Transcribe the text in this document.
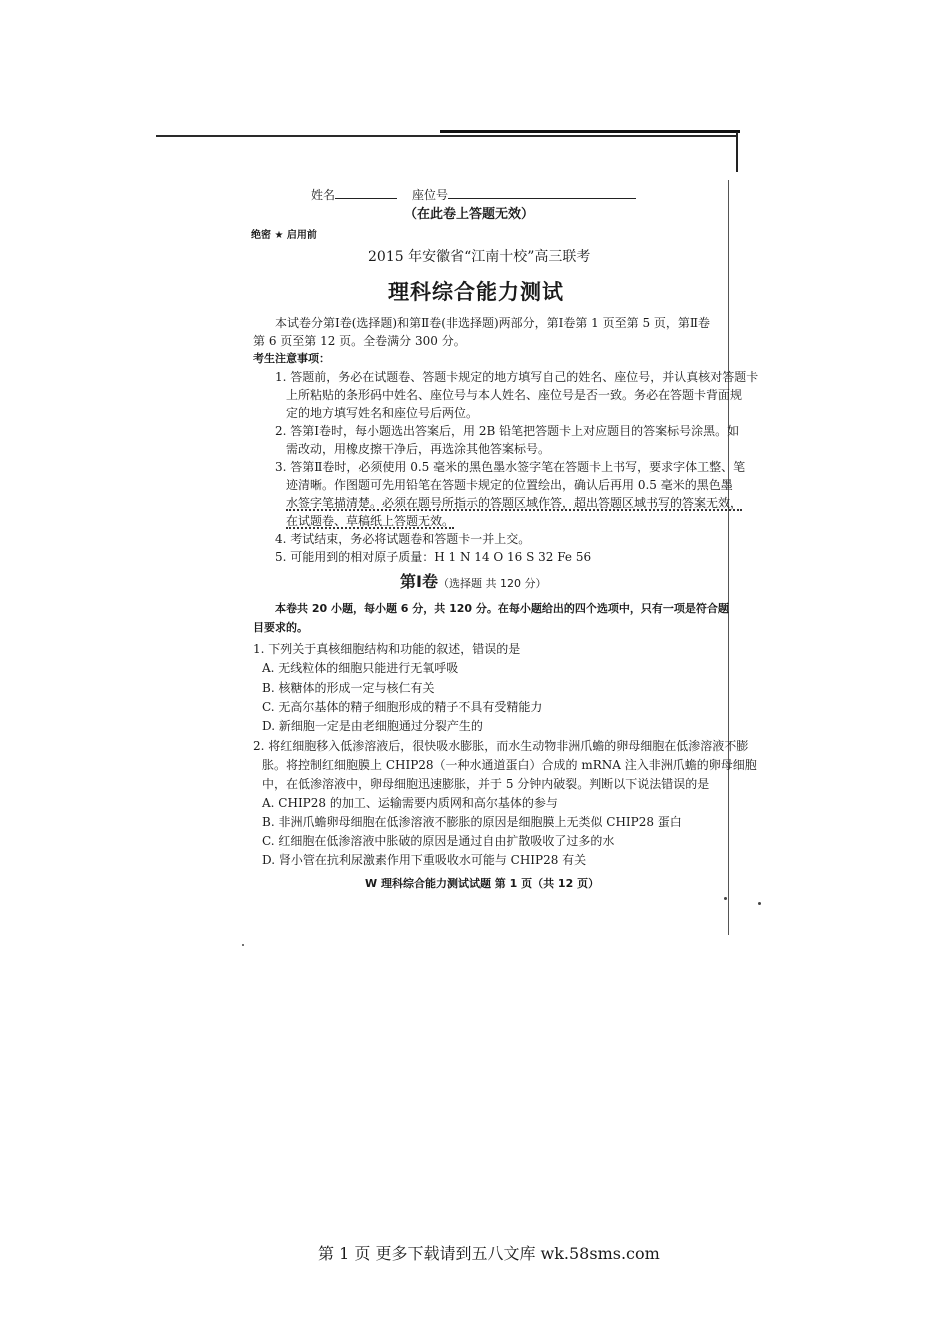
姓名	座位号
（在此卷上答题无效）
绝密 ★ 启用前
2015 年安徽省“江南十校”高三联考
理科综合能力测试
本试卷分第Ⅰ卷(选择题)和第Ⅱ卷(非选择题)两部分，第Ⅰ卷第 1 页至第 5 页，第Ⅱ卷
第 6 页至第 12 页。全卷满分 300 分。
考生注意事项：
1. 答题前，务必在试题卷、答题卡规定的地方填写自己的姓名、座位号，并认真核对答题卡
上所粘贴的条形码中姓名、座位号与本人姓名、座位号是否一致。务必在答题卡背面规
定的地方填写姓名和座位号后两位。
2. 答第Ⅰ卷时，每小题选出答案后，用 2B 铅笔把答题卡上对应题目的答案标号涂黑。如
需改动，用橡皮擦干净后，再选涂其他答案标号。
3. 答第Ⅱ卷时，必须使用 0.5 毫米的黑色墨水签字笔在答题卡上书写，要求字体工整、笔
迹清晰。作图题可先用铅笔在答题卡规定的位置绘出，确认后再用 0.5 毫米的黑色墨
水签字笔描清楚。必须在题号所指示的答题区域作答，超出答题区域书写的答案无效，
在试题卷、草稿纸上答题无效。
4. 考试结束，务必将试题卷和答题卡一并上交。
5. 可能用到的相对原子质量：H 1 N 14 O 16 S 32 Fe 56
第Ⅰ卷（选择题 共 120 分）
本卷共 20 小题，每小题 6 分，共 120 分。在每小题给出的四个选项中，只有一项是符合题
目要求的。
1. 下列关于真核细胞结构和功能的叙述，错误的是
A. 无线粒体的细胞只能进行无氧呼吸
B. 核糖体的形成一定与核仁有关
C. 无高尔基体的精子细胞形成的精子不具有受精能力
D. 新细胞一定是由老细胞通过分裂产生的
2. 将红细胞移入低渗溶液后，很快吸水膨胀，而水生动物非洲爪蟾的卵母细胞在低渗溶液不膨
胀。将控制红细胞膜上 CHIP28（一种水通道蛋白）合成的 mRNA 注入非洲爪蟾的卵母细胞
中，在低渗溶液中，卵母细胞迅速膨胀，并于 5 分钟内破裂。判断以下说法错误的是
A. CHIP28 的加工、运输需要内质网和高尔基体的参与
B. 非洲爪蟾卵母细胞在低渗溶液不膨胀的原因是细胞膜上无类似 CHIP28 蛋白
C. 红细胞在低渗溶液中胀破的原因是通过自由扩散吸收了过多的水
D. 肾小管在抗利尿激素作用下重吸收水可能与 CHIP28 有关
W 理科综合能力测试试题 第 1 页（共 12 页）
第 1 页 更多下载请到五八文库 wk.58sms.com
